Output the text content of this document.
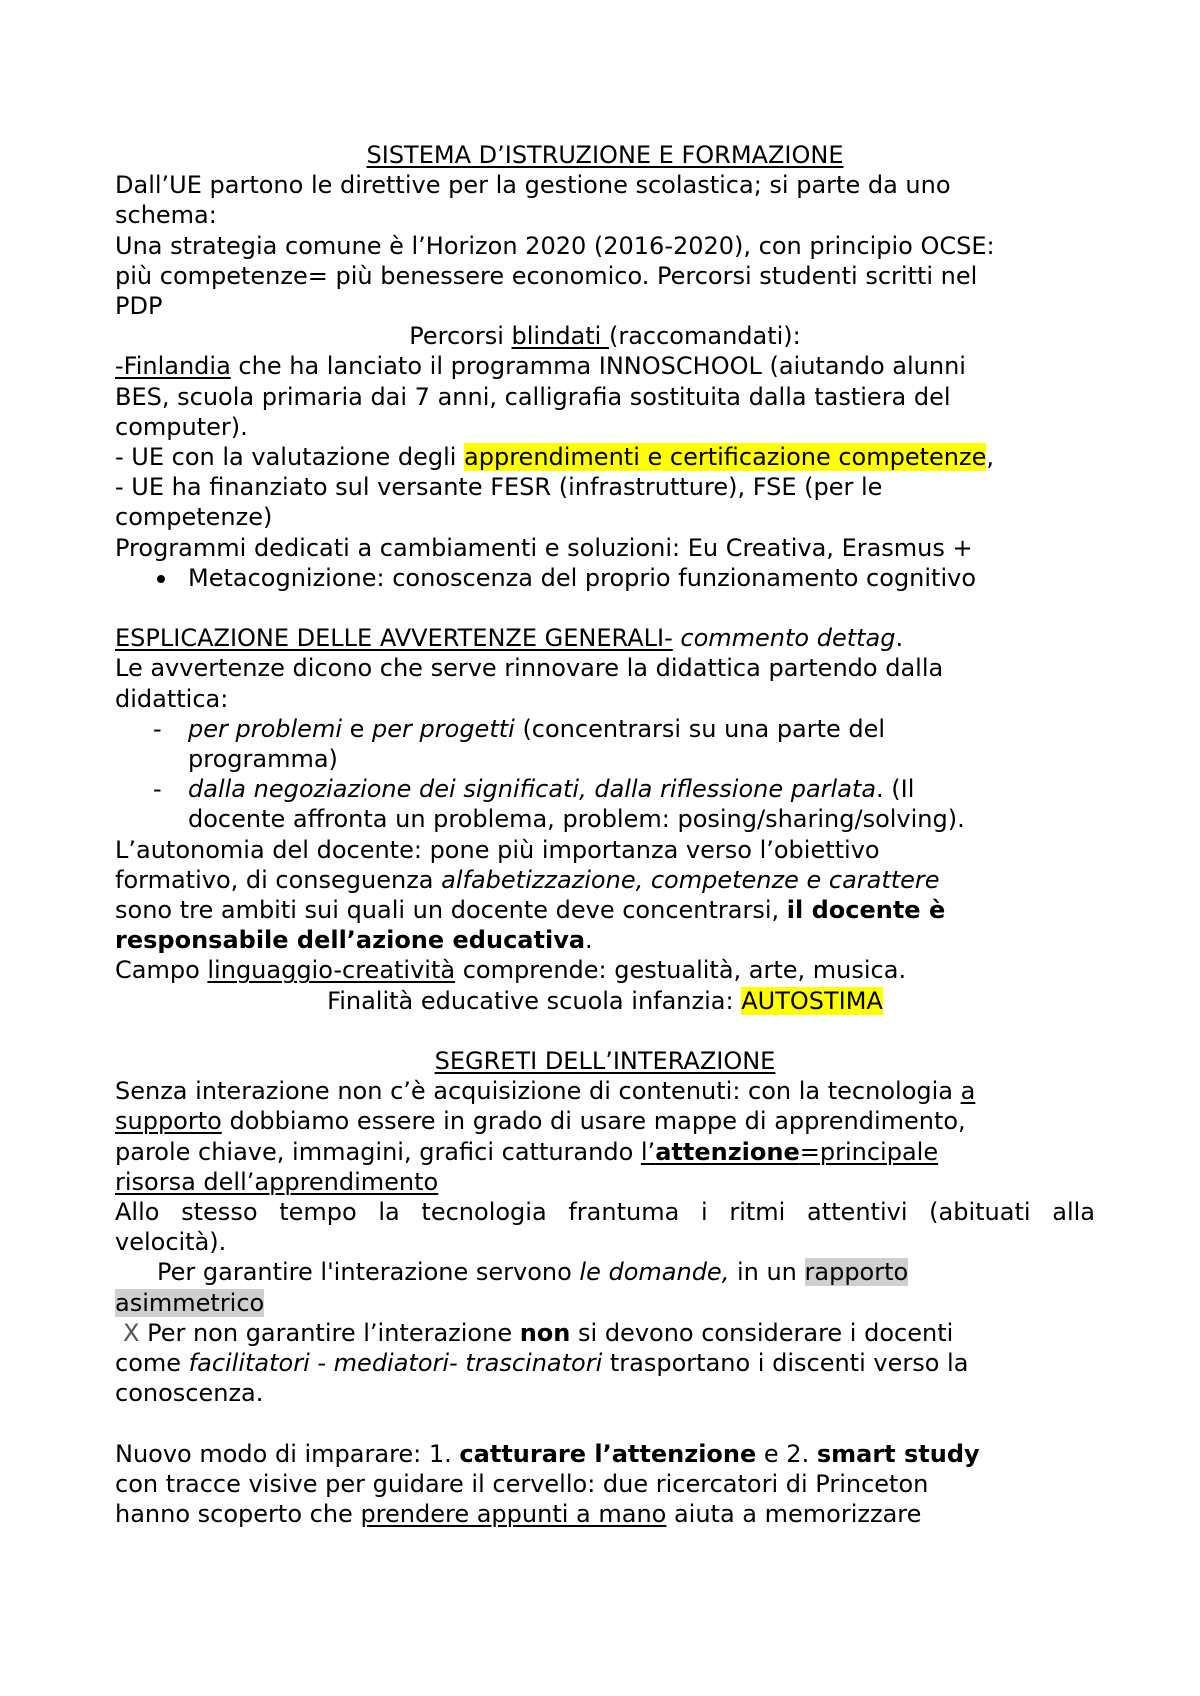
SISTEMA D’ISTRUZIONE E FORMAZIONE
Dall’UE partono le direttive per la gestione scolastica; si parte da uno
schema:
Una strategia comune è l’Horizon 2020 (2016-2020), con principio OCSE:
più competenze= più benessere economico. Percorsi studenti scritti nel
PDP
Percorsi blindati (raccomandati):
-Finlandia che ha lanciato il programma INNOSCHOOL (aiutando alunni
BES, scuola primaria dai 7 anni, calligrafia sostituita dalla tastiera del
computer).
- UE con la valutazione degli apprendimenti e certificazione competenze,
- UE ha finanziato sul versante FESR (infrastrutture), FSE (per le
competenze)
Programmi dedicati a cambiamenti e soluzioni: Eu Creativa, Erasmus +
Metacognizione: conoscenza del proprio funzionamento cognitivo
ESPLICAZIONE DELLE AVVERTENZE GENERALI- commento dettag.
Le avvertenze dicono che serve rinnovare la didattica partendo dalla
didattica:
- per problemi e per progetti (concentrarsi su una parte del
programma)
- dalla negoziazione dei significati, dalla riflessione parlata. (Il
docente affronta un problema, problem: posing/sharing/solving).
L’autonomia del docente: pone più importanza verso l’obiettivo
formativo, di conseguenza alfabetizzazione, competenze e carattere
sono tre ambiti sui quali un docente deve concentrarsi, il docente è
responsabile dell’azione educativa.
Campo linguaggio-creatività comprende: gestualità, arte, musica.
Finalità educative scuola infanzia: AUTOSTIMA
SEGRETI DELL’INTERAZIONE
Senza interazione non c’è acquisizione di contenuti: con la tecnologia a
supporto dobbiamo essere in grado di usare mappe di apprendimento,
parole chiave, immagini, grafici catturando l’attenzione=principale
risorsa dell’apprendimento
Allo stesso tempo la tecnologia frantuma i ritmi attentivi (abituati alla
velocità).
Per garantire l'interazione servono le domande, in un rapporto
asimmetrico
X Per non garantire l’interazione non si devono considerare i docenti
come facilitatori - mediatori- trascinatori trasportano i discenti verso la
conoscenza.
Nuovo modo di imparare: 1. catturare l’attenzione e 2. smart study
con tracce visive per guidare il cervello: due ricercatori di Princeton
hanno scoperto che prendere appunti a mano aiuta a memorizzare
